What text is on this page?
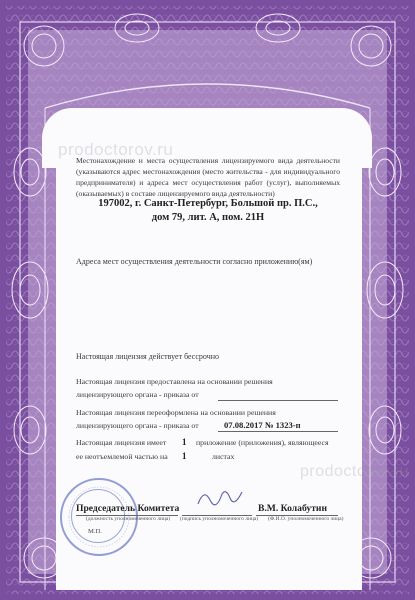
prodoctorov.ru
prodoctorov.ru
Местонахождение и места осуществления лицензируемого вида деятельности (указываются адрес местонахождения (место жительства - для индивидуального предпринимателя) и адреса мест осуществления работ (услуг), выполняемых (оказываемых) в составе лицензируемого вида деятельности)
197002, г. Санкт-Петербург, Большой пр. П.С.,
дом 79, лит. А, пом. 21Н
Адреса мест осуществления деятельности согласно приложению(ям)
Настоящая лицензия действует бессрочно
Настоящая лицензия предоставлена на основании решения
лицензирующего органа - приказа от
Настоящая лицензия переоформлена на основании решения
лицензирующего органа - приказа от	07.08.2017 № 1323-п
Настоящая лицензия имеет 1 приложение (приложения), являющееся
ее неотъемлемой частью на 1	листах
Председатель Комитета
(должность уполномоченного лица) (подпись уполномоченного лица)
В.М. Колабутин
(Ф.И.О. уполномоченного лица)
М.П.
